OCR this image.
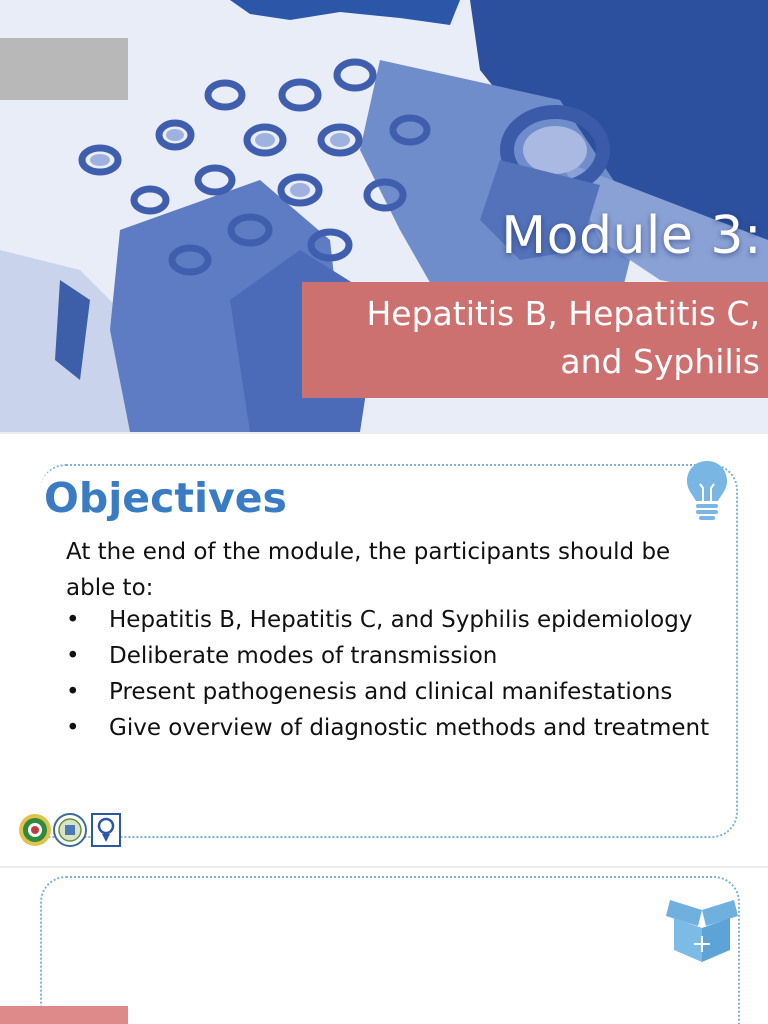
Module 3:
Hepatitis B, Hepatitis C,
and Syphilis
Objectives
At the end of the module, the participants should be able to:
• Hepatitis B, Hepatitis C, and Syphilis epidemiology
• Deliberate modes of transmission
• Present pathogenesis and clinical manifestations
• Give overview of diagnostic methods and treatment
